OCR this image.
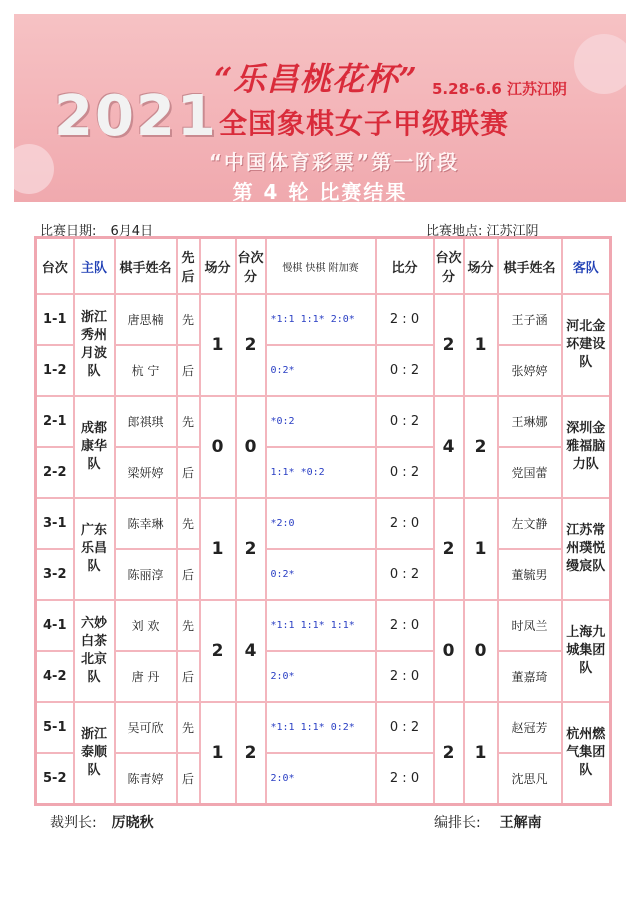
“乐昌桃花杯” 5.28-6.6 江苏江阴
2021 全国象棋女子甲级联赛
“中国体育彩票”第一阶段
第 4 轮 比赛结果
比赛日期: 6月4日	比赛地点: 江苏江阴
台次	主队	棋手姓名	先后	场分	台次分	慢棋 快棋 附加赛	比分	台次分	场分	棋手姓名	客队
1-1	浙江秀州月波队	唐思楠	先	1	2	*1:1 1:1* 2:0*	2 : 0	2	1	王子涵	河北金环建设队
1-2		杭 宁	后			0:2*	0 : 2			张婷婷	
2-1	成都康华队	郎祺琪	先	0	0	*0:2	0 : 2	4	2	王琳娜	深圳金雅福脑力队
2-2		梁妍婷	后			1:1* *0:2	0 : 2			党国蕾	
3-1	广东乐昌队	陈幸琳	先	1	2	*2:0	2 : 0	2	1	左文静	江苏常州璞悦缦宸队
3-2		陈丽淳	后			0:2*	0 : 2			董毓男	
4-1	六妙白茶北京队	刘 欢	先	2	4	*1:1 1:1* 1:1*	2 : 0	0	0	时凤兰	上海九城集团队
4-2		唐 丹	后			2:0*	2 : 0			董嘉琦	
5-1	浙江泰顺队	吴可欣	先	1	2	*1:1 1:1* 0:2*	0 : 2	2	1	赵冠芳	杭州燃气集团队
5-2		陈青婷	后			2:0*	2 : 0			沈思凡	
裁判长: 厉晓秋	编排长: 王解南
